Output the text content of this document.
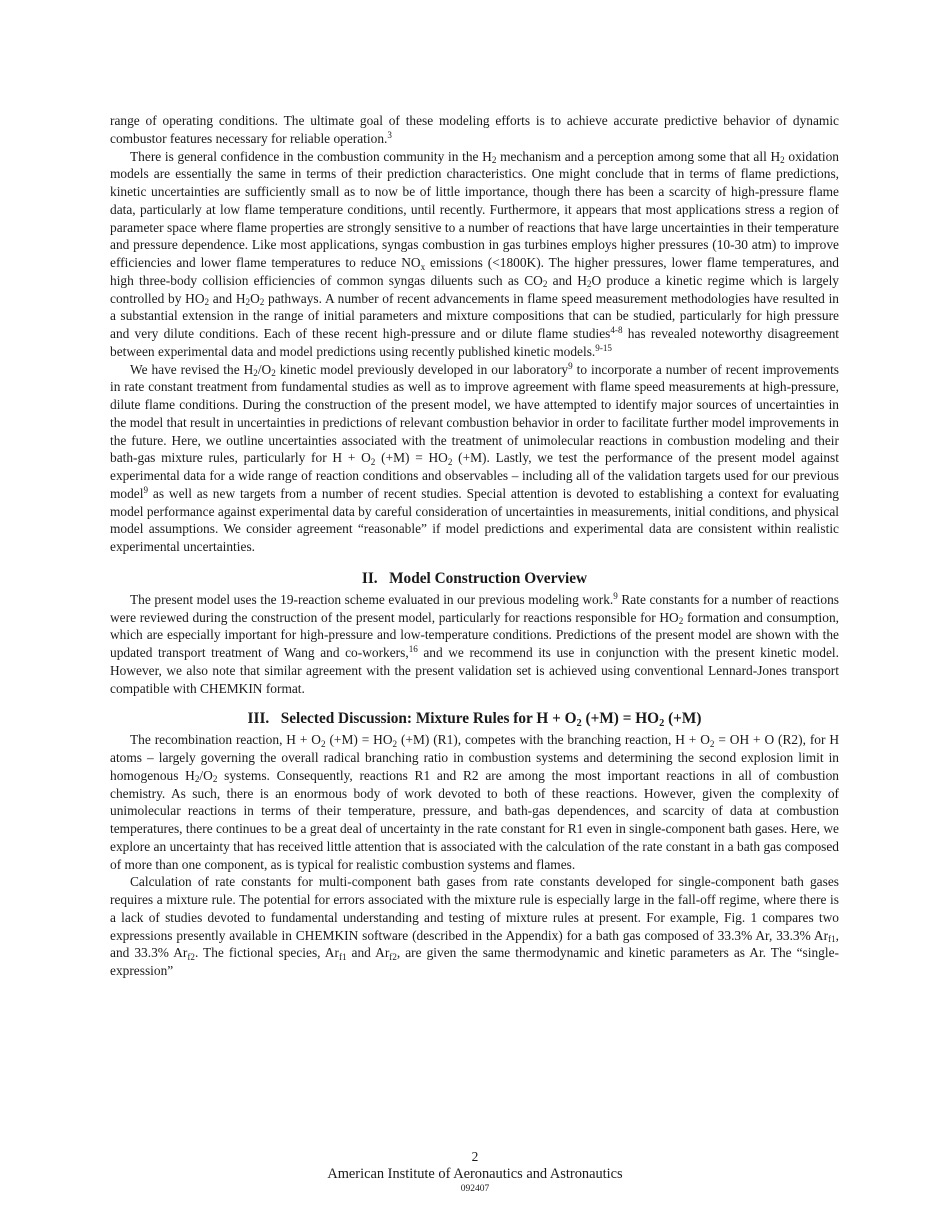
range of operating conditions. The ultimate goal of these modeling efforts is to achieve accurate predictive behavior of dynamic combustor features necessary for reliable operation.$^3$

There is general confidence in the combustion community in the $H_2$ mechanism and a perception among some that all $H_2$ oxidation models are essentially the same in terms of their prediction characteristics. One might conclude that in terms of flame predictions, kinetic uncertainties are sufficiently small as to now be of little importance, though there has been a scarcity of high-pressure flame data, particularly at low flame temperature conditions, until recently. Furthermore, it appears that most applications stress a region of parameter space where flame properties are strongly sensitive to a number of reactions that have large uncertainties in their temperature and pressure dependence. Like most applications, syngas combustion in gas turbines employs higher pressures (10-30 atm) to improve efficiencies and lower flame temperatures to reduce $NO_x$ emissions (<1800K). The higher pressures, lower flame temperatures, and high three-body collision efficiencies of common syngas diluents such as $CO_2$ and $H_2O$ produce a kinetic regime which is largely controlled by $HO_2$ and $H_2O_2$ pathways. A number of recent advancements in flame speed measurement methodologies have resulted in a substantial extension in the range of initial parameters and mixture compositions that can be studied, particularly for high pressure and very dilute conditions. Each of these recent high-pressure and or dilute flame studies$^{4-8}$ has revealed noteworthy disagreement between experimental data and model predictions using recently published kinetic models.$^{9-15}$

We have revised the $H_2/O_2$ kinetic model previously developed in our laboratory$^9$ to incorporate a number of recent improvements in rate constant treatment from fundamental studies as well as to improve agreement with flame speed measurements at high-pressure, dilute flame conditions. During the construction of the present model, we have attempted to identify major sources of uncertainties in the model that result in uncertainties in predictions of relevant combustion behavior in order to facilitate further model improvements in the future. Here, we outline uncertainties associated with the treatment of unimolecular reactions in combustion modeling and their bath-gas mixture rules, particularly for $H + O_2$ $(+M) = HO_2$ (+M). Lastly, we test the performance of the present model against experimental data for a wide range of reaction conditions and observables – including all of the validation targets used for our previous model$^9$ as well as new targets from a number of recent studies. Special attention is devoted to establishing a context for evaluating model performance against experimental data by careful consideration of uncertainties in measurements, initial conditions, and physical model assumptions. We consider agreement “reasonable” if model predictions and experimental data are consistent within realistic experimental uncertainties.

II. Model Construction Overview

The present model uses the 19-reaction scheme evaluated in our previous modeling work.$^9$ Rate constants for a number of reactions were reviewed during the construction of the present model, particularly for reactions responsible for $HO_2$ formation and consumption, which are especially important for high-pressure and low-temperature conditions. Predictions of the present model are shown with the updated transport treatment of Wang and co-workers,$^{16}$ and we recommend its use in conjunction with the present kinetic model. However, we also note that similar agreement with the present validation set is achieved using conventional Lennard-Jones transport compatible with CHEMKIN format.

III. Selected Discussion: Mixture Rules for $H + O_2$ $(+M) = HO_2$ (+M)

The recombination reaction, $H + O_2$ $(+M) = HO_2$ (+M) (R1), competes with the branching reaction, $H + O_2$ = OH + O (R2), for H atoms – largely governing the overall radical branching ratio in combustion systems and determining the second explosion limit in homogenous $H_2/O_2$ systems. Consequently, reactions R1 and R2 are among the most important reactions in all of combustion chemistry. As such, there is an enormous body of work devoted to both of these reactions. However, given the complexity of unimolecular reactions in terms of their temperature, pressure, and bath-gas dependences, and scarcity of data at combustion temperatures, there continues to be a great deal of uncertainty in the rate constant for R1 even in single-component bath gases. Here, we explore an uncertainty that has received little attention that is associated with the calculation of the rate constant in a bath gas composed of more than one component, as is typical for realistic combustion systems and flames.

Calculation of rate constants for multi-component bath gases from rate constants developed for single-component bath gases requires a mixture rule. The potential for errors associated with the mixture rule is especially large in the fall-off regime, where there is a lack of studies devoted to fundamental understanding and testing of mixture rules at present. For example, Fig. 1 compares two expressions presently available in CHEMKIN software (described in the Appendix) for a bath gas composed of 33.3% Ar, 33.3% $Ar_{f1}$, and 33.3% $Ar_{f2}$. The fictional species, $Ar_{f1}$ and $Ar_{f2}$, are given the same thermodynamic and kinetic parameters as Ar. The “single-expression”

2
American Institute of Aeronautics and Astronautics
092407
